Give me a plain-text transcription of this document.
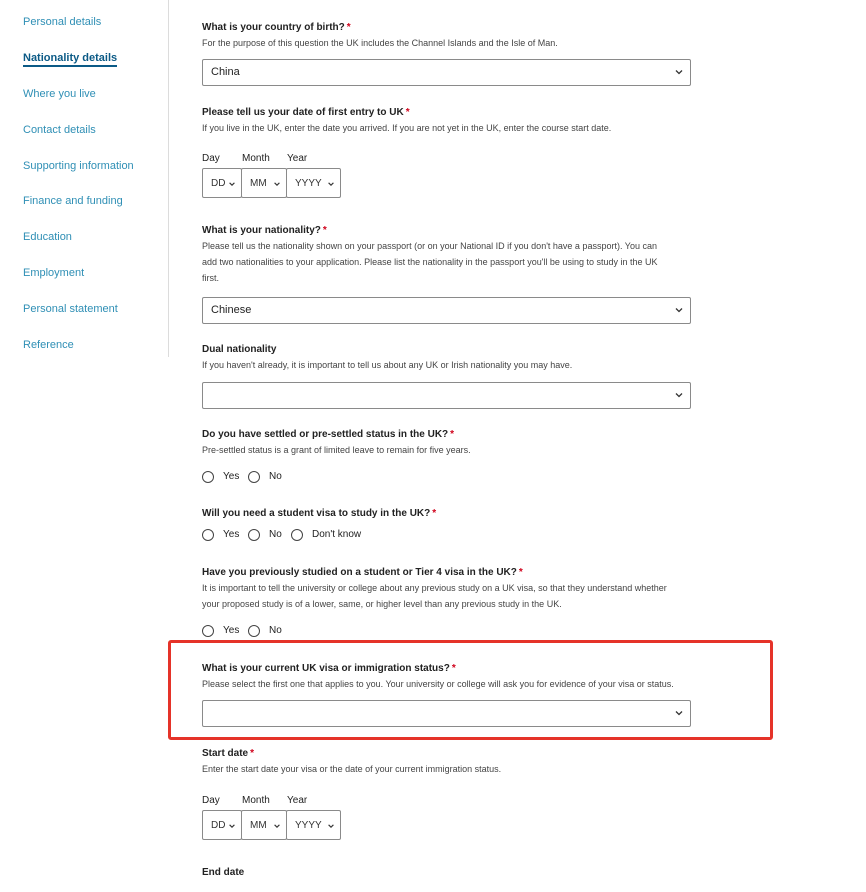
Personal details
Nationality details
Where you live
Contact details
Supporting information
Finance and funding
Education
Employment
Personal statement
Reference
What is your country of birth? *
For the purpose of this question the UK includes the Channel Islands and the Isle of Man.
China
Please tell us your date of first entry to UK *
If you live in the UK, enter the date you arrived. If you are not yet in the UK, enter the course start date.
Day Month Year
DD MM	YYYY
What is your nationality? *
Please tell us the nationality shown on your passport (or on your National ID if you don't have a passport). You can
add two nationalities to your application. Please list the nationality in the passport you'll be using to study in the UK
first.
Chinese
Dual nationality
If you haven't already, it is important to tell us about any UK or Irish nationality you may have.
Do you have settled or pre-settled status in the UK? *
Pre-settled status is a grant of limited leave to remain for five years.
Yes	No
Will you need a student visa to study in the UK? *
Yes	No	Don't know
Have you previously studied on a student or Tier 4 visa in the UK? *
It is important to tell the university or college about any previous study on a UK visa, so that they understand whether
your proposed study is of a lower, same, or higher level than any previous study in the UK.
Yes	No
What is your current UK visa or immigration status? *
Please select the first one that applies to you. Your university or college will ask you for evidence of your visa or status.
Start date *
Enter the start date your visa or the date of your current immigration status.
Day Month Year
DD MM	YYYY
End date
